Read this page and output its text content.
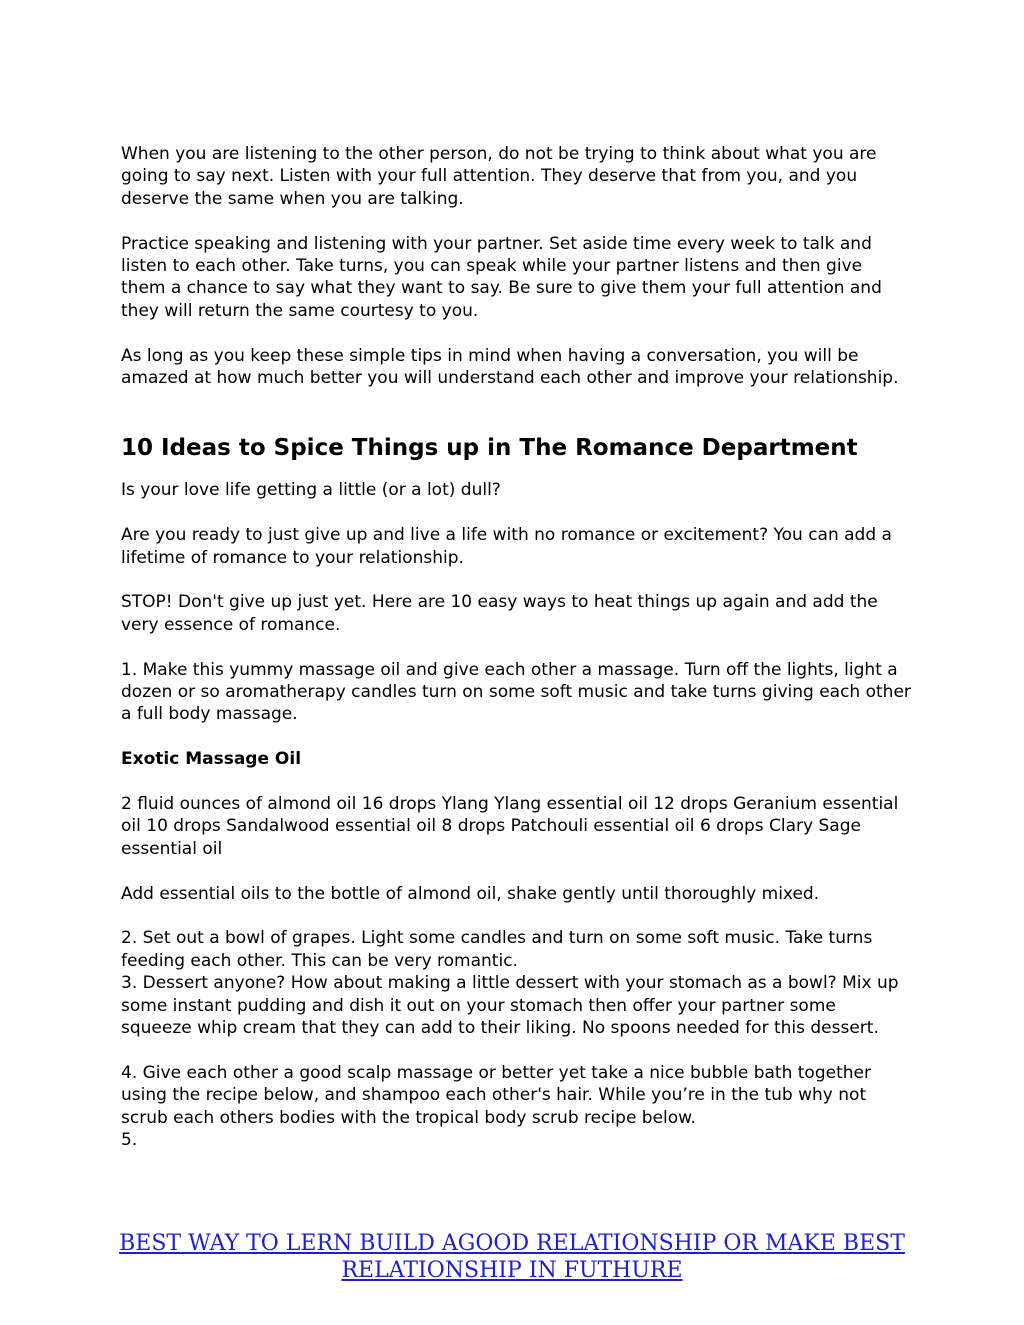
When you are listening to the other person, do not be trying to think about what you are going to say next. Listen with your full attention. They deserve that from you, and you deserve the same when you are talking.

Practice speaking and listening with your partner. Set aside time every week to talk and listen to each other. Take turns, you can speak while your partner listens and then give them a chance to say what they want to say. Be sure to give them your full attention and they will return the same courtesy to you.

As long as you keep these simple tips in mind when having a conversation, you will be amazed at how much better you will understand each other and improve your relationship.

10 Ideas to Spice Things up in The Romance Department

Is your love life getting a little (or a lot) dull?

Are you ready to just give up and live a life with no romance or excitement? You can add a lifetime of romance to your relationship.

STOP! Don't give up just yet. Here are 10 easy ways to heat things up again and add the very essence of romance.

1. Make this yummy massage oil and give each other a massage. Turn off the lights, light a dozen or so aromatherapy candles turn on some soft music and take turns giving each other a full body massage.

Exotic Massage Oil

2 fluid ounces of almond oil 16 drops Ylang Ylang essential oil 12 drops Geranium essential oil 10 drops Sandalwood essential oil 8 drops Patchouli essential oil 6 drops Clary Sage essential oil

Add essential oils to the bottle of almond oil, shake gently until thoroughly mixed.

2. Set out a bowl of grapes. Light some candles and turn on some soft music. Take turns feeding each other. This can be very romantic.

3. Dessert anyone? How about making a little dessert with your stomach as a bowl? Mix up some instant pudding and dish it out on your stomach then offer your partner some squeeze whip cream that they can add to their liking. No spoons needed for this dessert.

4. Give each other a good scalp massage or better yet take a nice bubble bath together using the recipe below, and shampoo each other's hair. While you’re in the tub why not scrub each others bodies with the tropical body scrub recipe below.

5.

BEST WAY TO LERN BUILD AGOOD RELATIONSHIP OR MAKE BEST
RELATIONSHIP IN FUTHURE
